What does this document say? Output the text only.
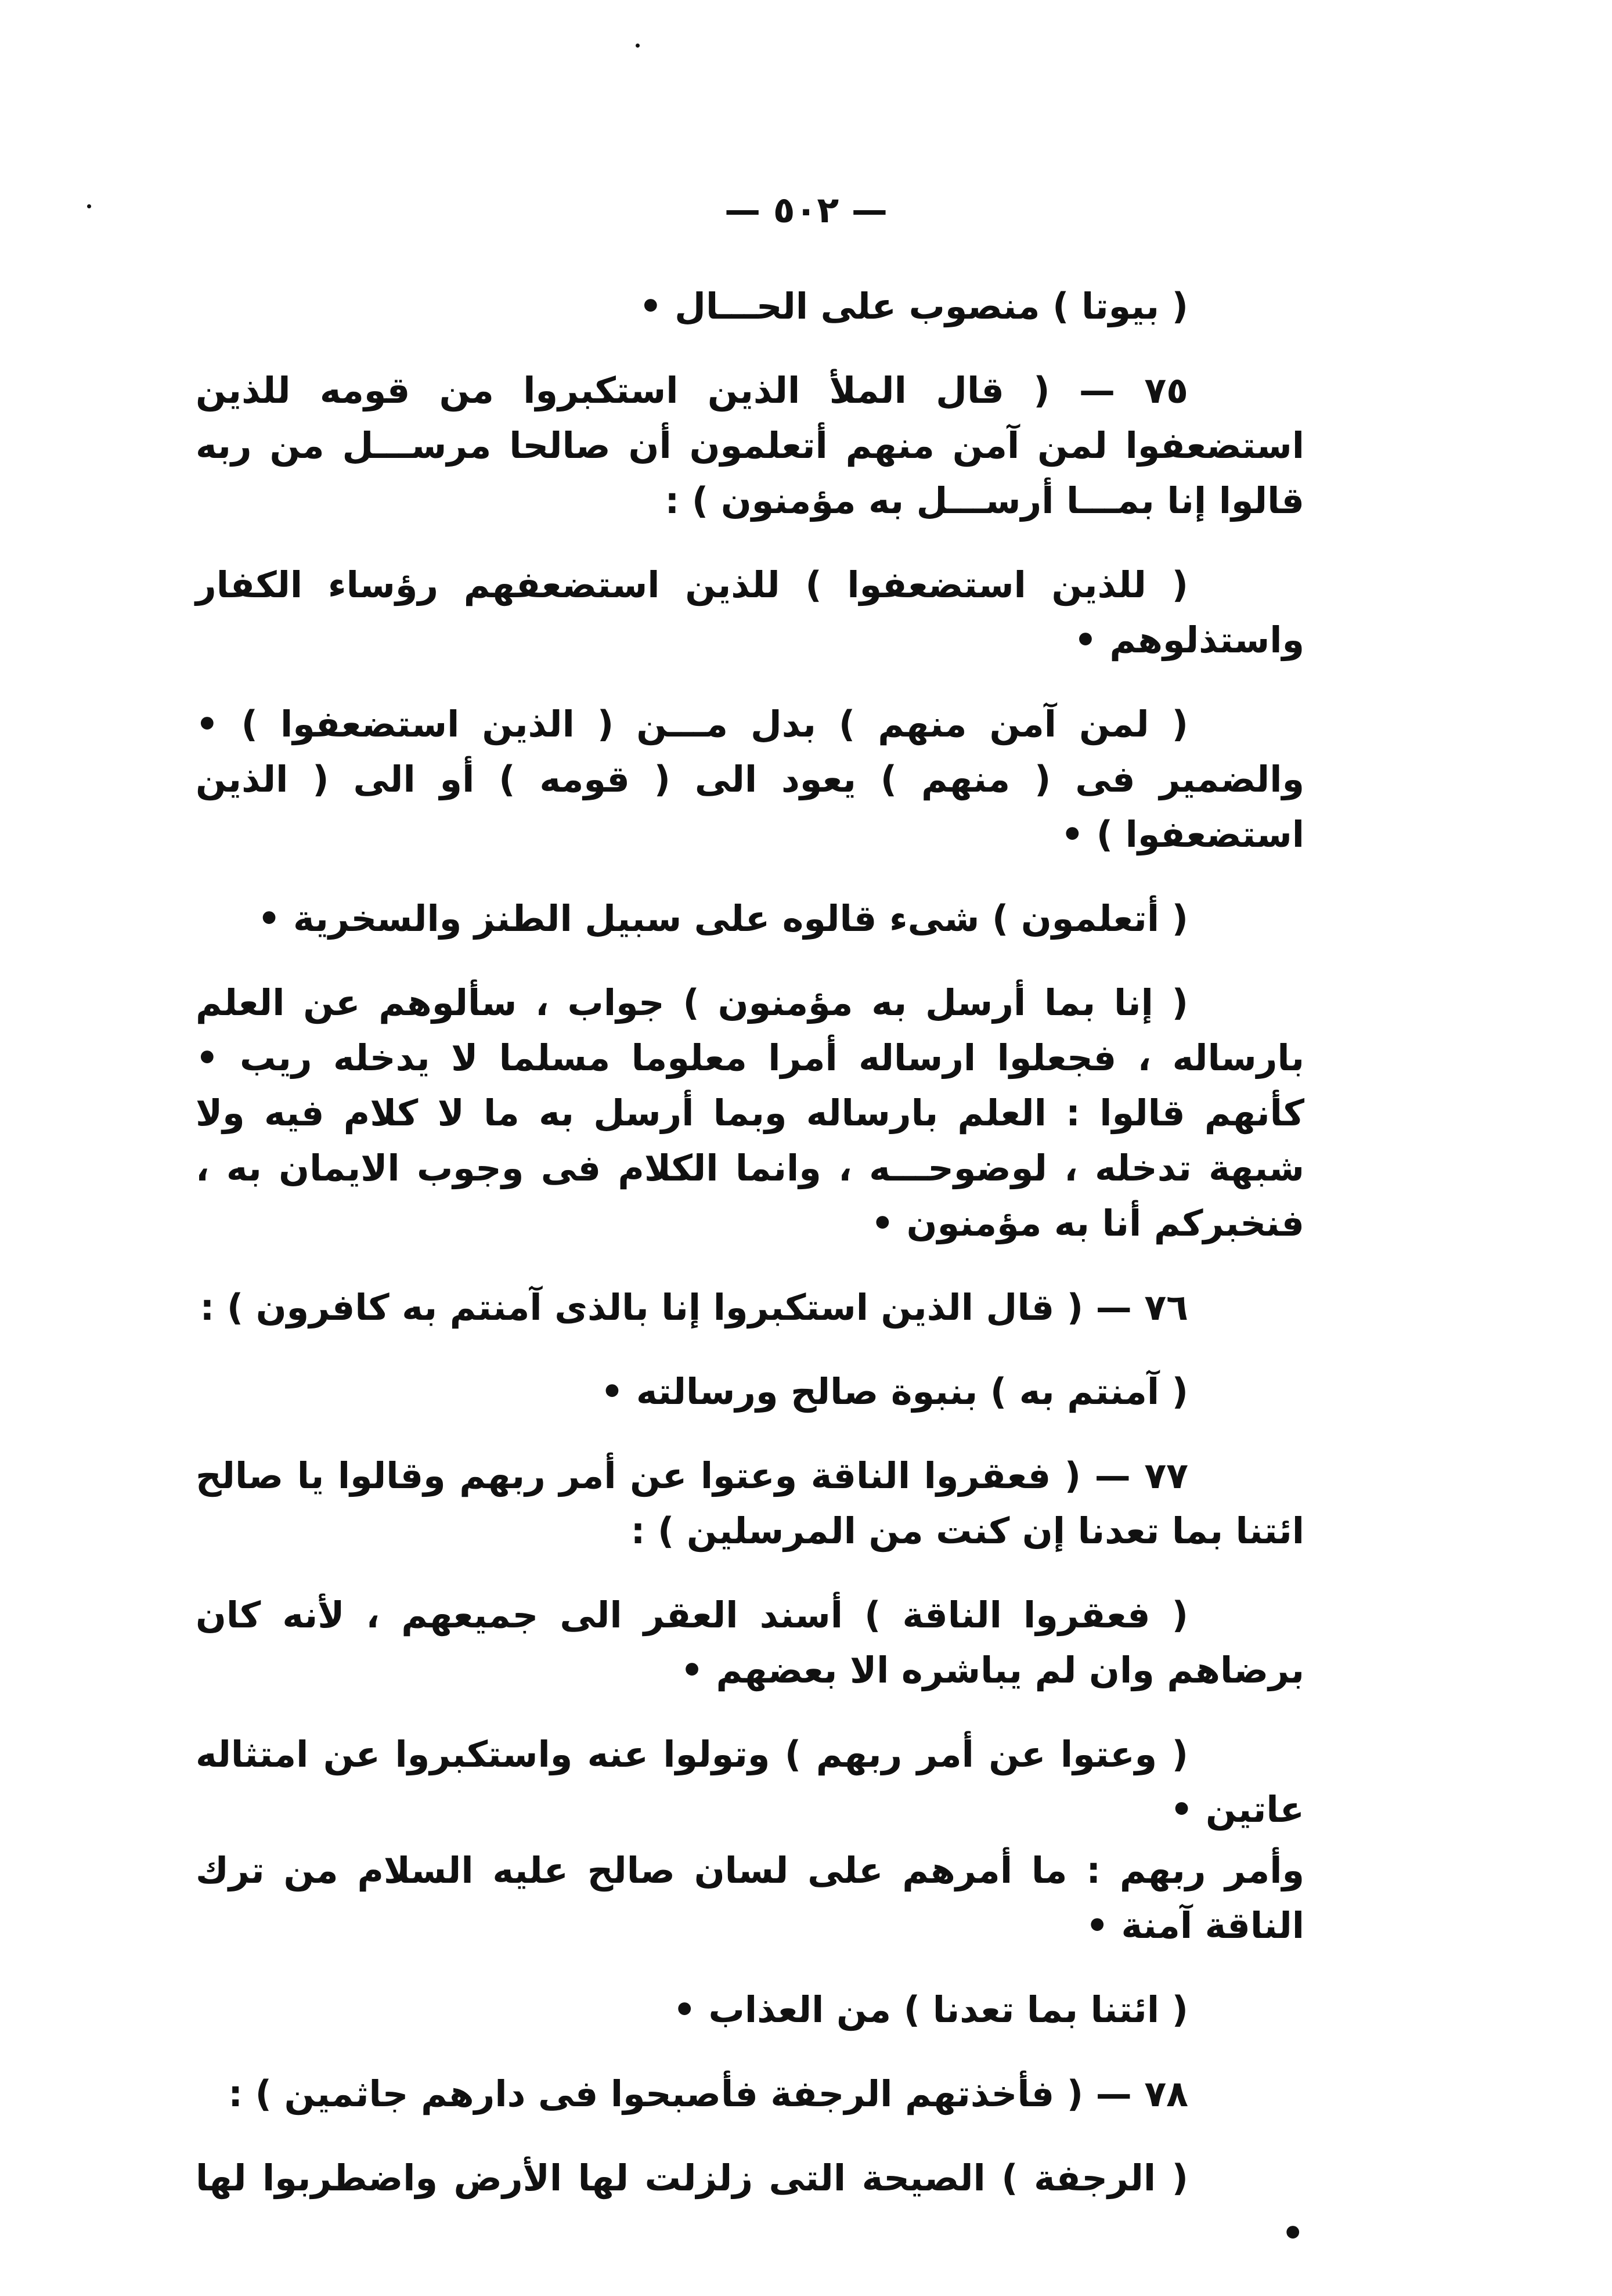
— ٥٠٢ —

( بيوتا ) منصوب على الحـــال •

٧٥ — ( قال الملأ الذين استكبروا من قومه للذين استضعفوا لمن آمن منهم أتعلمون أن صالحا مرســـل من ربه قالوا إنا بمـــا أرســـل به مؤمنون ) :

( للذين استضعفوا ) للذين استضعفهم رؤساء الكفار واستذلوهم •

( لمن آمن منهم ) بدل مـــن ( الذين استضعفوا ) • والضمير فى ( منهم ) يعود الى ( قومه ) أو الى ( الذين استضعفوا ) •

( أتعلمون ) شىء قالوه على سبيل الطنز والسخرية •

( إنا بما أرسل به مؤمنون ) جواب ، سألوهم عن العلم بارساله ، فجعلوا ارساله أمرا معلوما مسلما لا يدخله ريب • كأنهم قالوا : العلم بارساله وبما أرسل به ما لا كلام فيه ولا شبهة تدخله ، لوضوحـــه ، وانما الكلام فى وجوب الايمان به ، فنخبركم أنا به مؤمنون •

٧٦ — ( قال الذين استكبروا إنا بالذى آمنتم به كافرون ) :

( آمنتم به ) بنبوة صالح ورسالته •

٧٧ — ( فعقروا الناقة وعتوا عن أمر ربهم وقالوا يا صالح ائتنا بما تعدنا إن كنت من المرسلين ) :

( فعقروا الناقة ) أسند العقر الى جميعهم ، لأنه كان برضاهم وان لم يباشره الا بعضهم •

( وعتوا عن أمر ربهم ) وتولوا عنه واستكبروا عن امتثاله عاتين •

وأمر ربهم : ما أمرهم على لسان صالح عليه السلام من ترك الناقة آمنة •

( ائتنا بما تعدنا ) من العذاب •

٧٨ — ( فأخذتهم الرجفة فأصبحوا فى دارهم جاثمين ) :

( الرجفة ) الصيحة التى زلزلت لها الأرض واضطربوا لها •
